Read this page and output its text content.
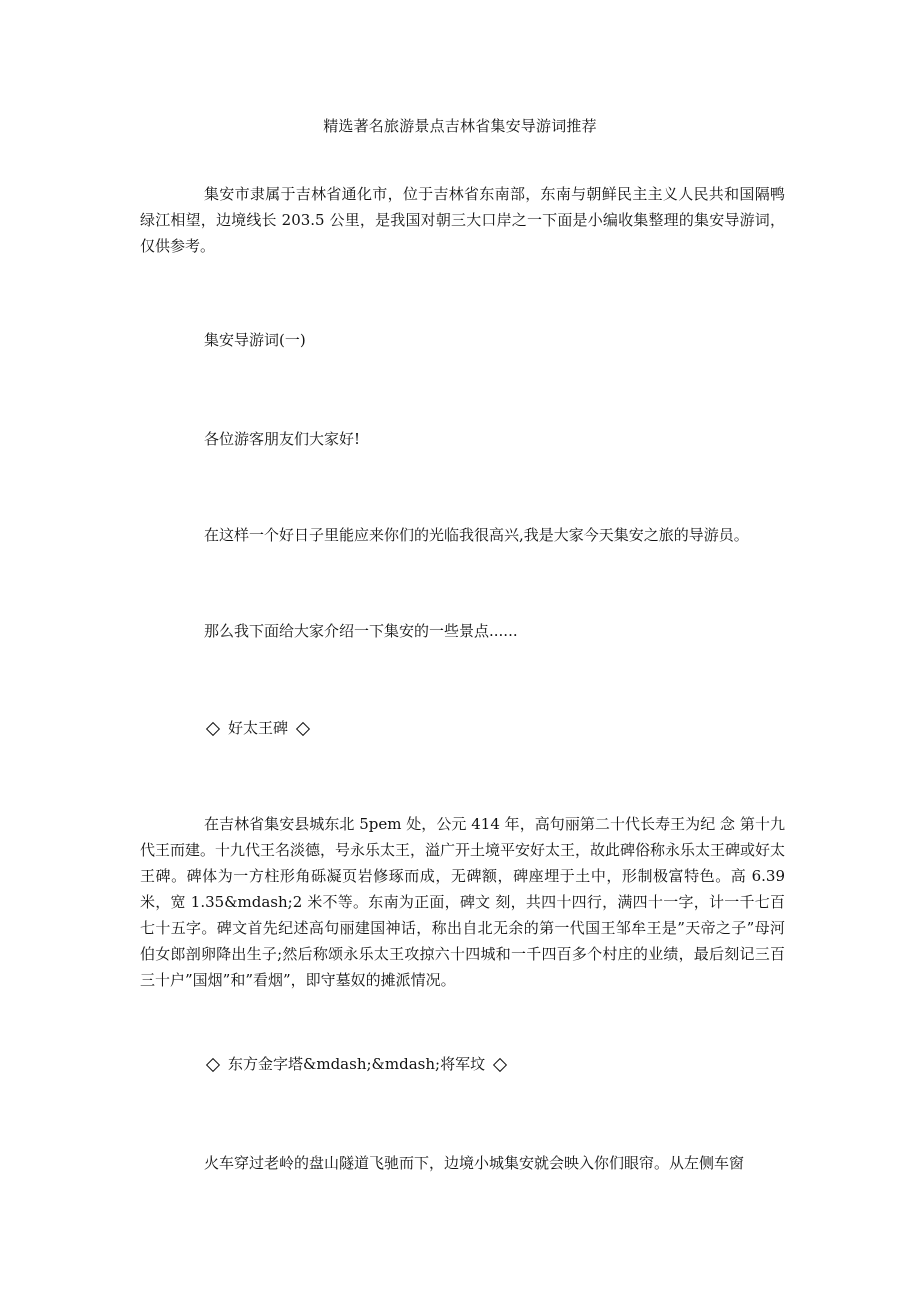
精选著名旅游景点吉林省集安导游词推荐

集安市隶属于吉林省通化市，位于吉林省东南部，东南与朝鲜民主主义人民共和国隔鸭绿江相望，边境线长 203.5 公里，是我国对朝三大口岸之一下面是小编收集整理的集安导游词，仅供参考。

集安导游词(一)

各位游客朋友们大家好!

在这样一个好日子里能应来你们的光临我很高兴,我是大家今天集安之旅的导游员。

那么我下面给大家介绍一下集安的一些景点......

好太王碑

在吉林省集安县城东北 5pem 处，公元 414 年，高句丽第二十代长寿王为纪 念 第十九代王而建。十九代王名淡德，号永乐太王，溢广开土境平安好太王，故此碑俗称永乐太王碑或好太王碑。碑体为一方柱形角砾凝页岩修琢而成，无碑额，碑座埋于土中，形制极富特色。高 6.39 米，宽 1.35&mdash;2 米不等。东南为正面，碑文 刻，共四十四行，满四十一字，计一千七百七十五字。碑文首先纪述高句丽建国神话，称出自北无余的第一代国王邹牟王是”天帝之子”母河伯女郎剖卵降出生子;然后称颂永乐太王攻掠六十四城和一千四百多个村庄的业绩，最后刻记三百三十户”国烟”和”看烟”，即守墓奴的摊派情况。

东方金字塔&mdash;&mdash;将军坟

火车穿过老岭的盘山隧道飞驰而下，边境小城集安就会映入你们眼帘。从左侧车窗
